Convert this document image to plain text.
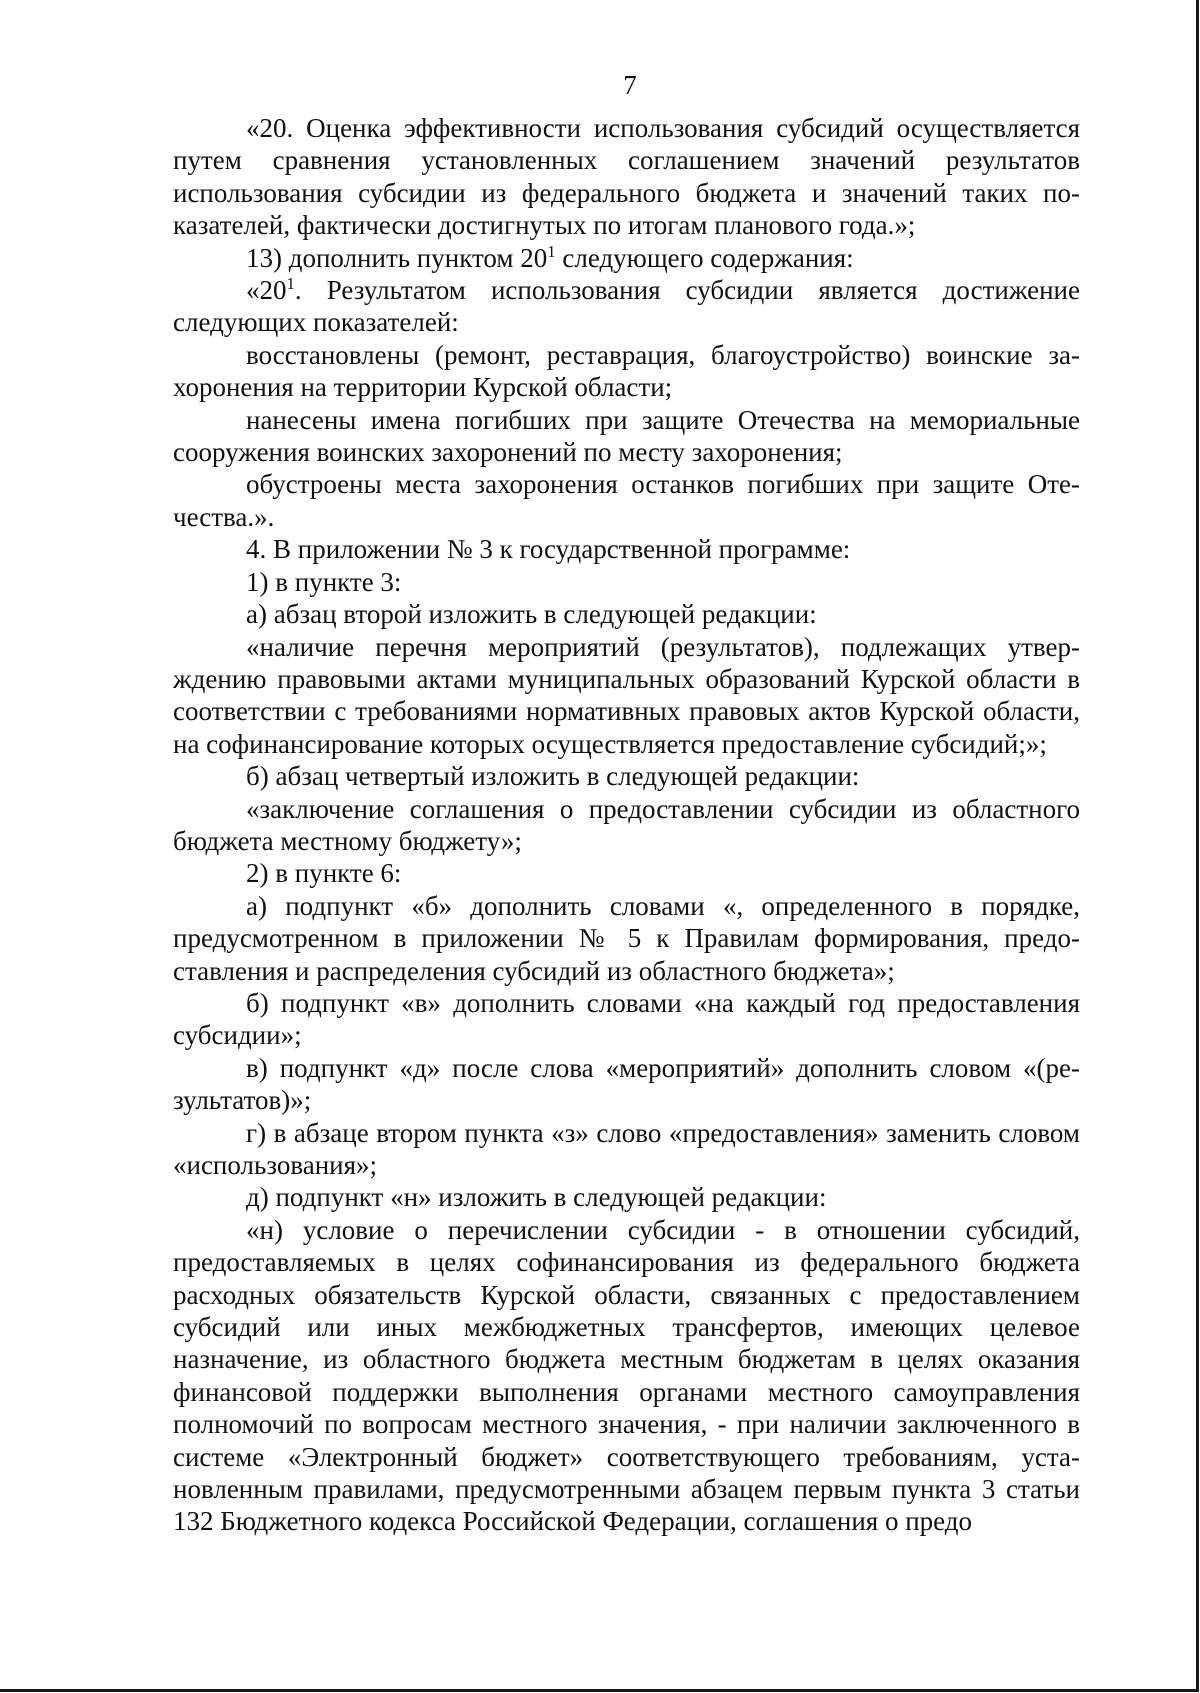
7

«20. Оценка эффективности использования субсидий осуществляется путем сравнения установленных соглашением значений результатов использования субсидии из федерального бюджета и значений таких показателей, фактически достигнутых по итогам планового года.»;

13) дополнить пунктом $20^1$ следующего содержания:

«$20^1$. Результатом использования субсидии является достижение следующих показателей:

восстановлены (ремонт, реставрация, благоустройство) воинские захоронения на территории Курской области;

нанесены имена погибших при защите Отечества на мемориальные сооружения воинских захоронений по месту захоронения;

обустроены места захоронения останков погибших при защите Отечества.».

4. В приложении № 3 к государственной программе:

1) в пункте 3:

а) абзац второй изложить в следующей редакции:

«наличие перечня мероприятий (результатов), подлежащих утверждению правовыми актами муниципальных образований Курской области в соответствии с требованиями нормативных правовых актов Курской области, на софинансирование которых осуществляется предоставление субсидий;»;

б) абзац четвертый изложить в следующей редакции:

«заключение соглашения о предоставлении субсидии из областного бюджета местному бюджету»;

2) в пункте 6:

а) подпункт «б» дополнить словами «, определенного в порядке, предусмотренном в приложении № 5 к Правилам формирования, предоставления и распределения субсидий из областного бюджета»;

б) подпункт «в» дополнить словами «на каждый год предоставления субсидии»;

в) подпункт «д» после слова «мероприятий» дополнить словом «(результатов)»;

г) в абзаце втором пункта «з» слово «предоставления» заменить словом «использования»;

д) подпункт «н» изложить в следующей редакции:

«н) условие о перечислении субсидии - в отношении субсидий, предоставляемых в целях софинансирования из федерального бюджета расходных обязательств Курской области, связанных с предоставлением субсидий или иных межбюджетных трансфертов, имеющих целевое назначение, из областного бюджета местным бюджетам в целях оказания финансовой поддержки выполнения органами местного самоуправления полномочий по вопросам местного значения, - при наличии заключенного в системе «Электронный бюджет» соответствующего требованиям, установленным правилами, предусмотренными абзацем первым пункта 3 статьи 132 Бюджетного кодекса Российской Федерации, соглашения о предо
